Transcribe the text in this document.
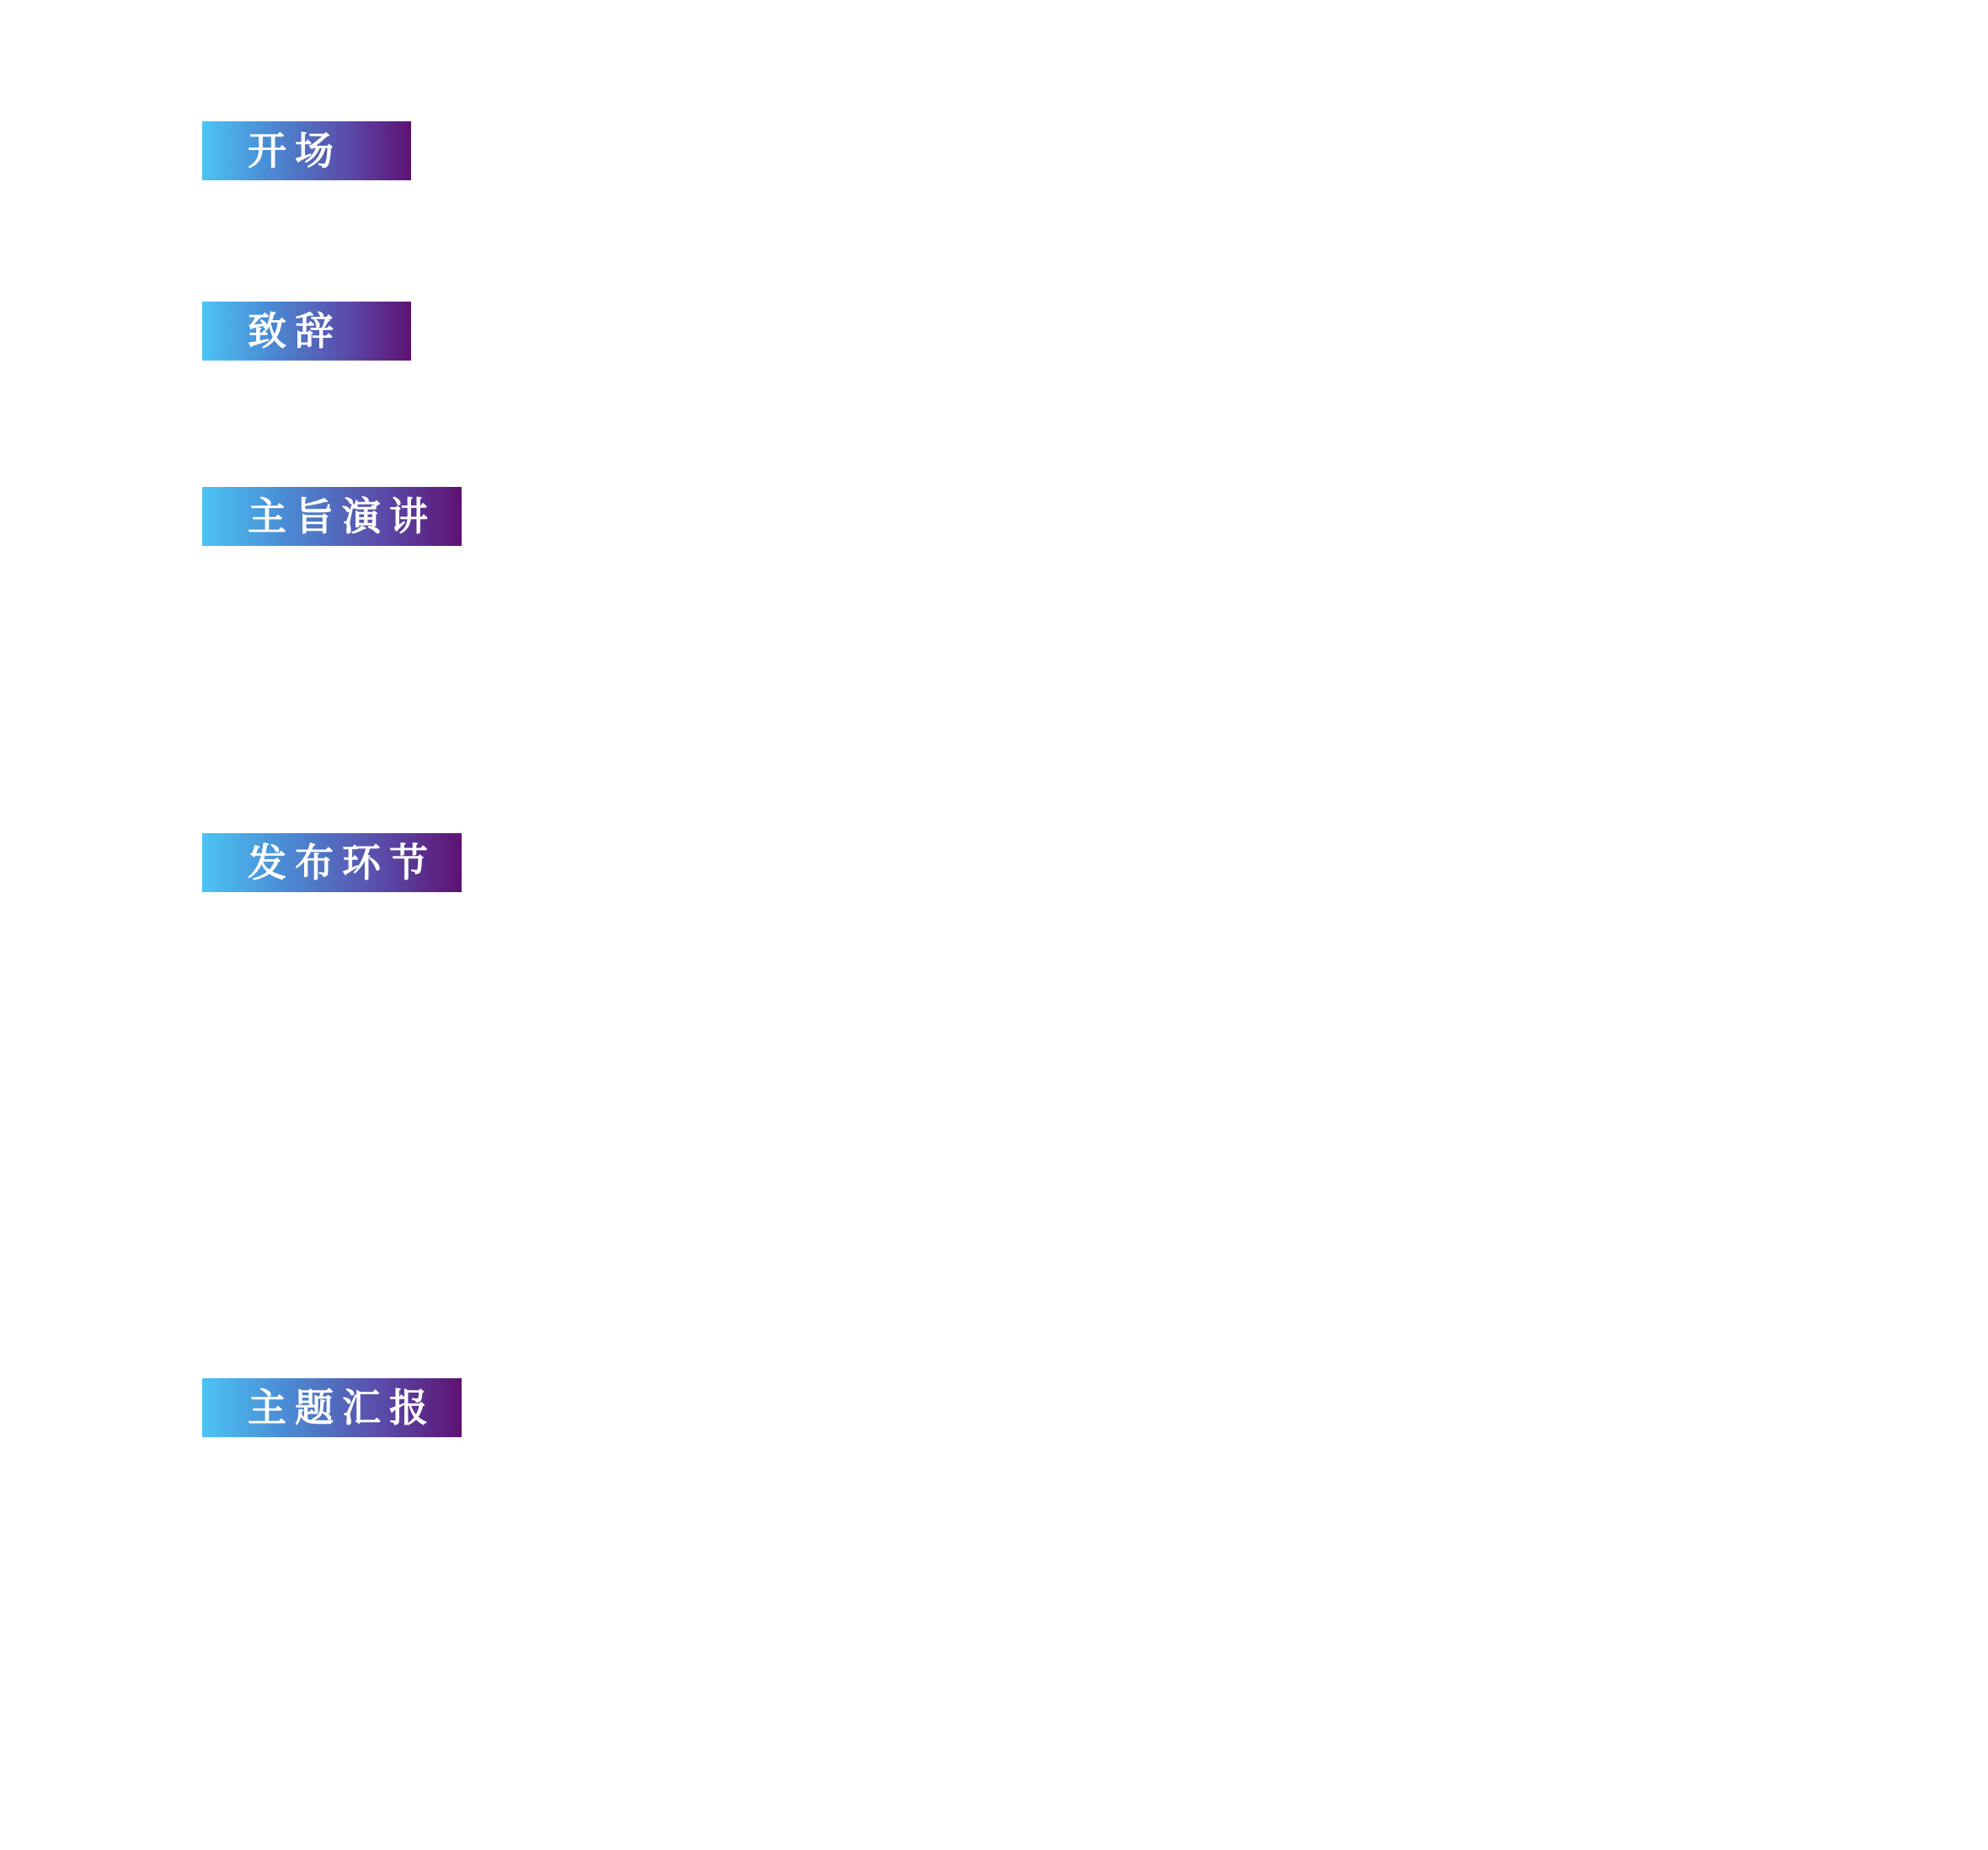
开场
致辞
主旨演讲
发布环节
主题汇报
